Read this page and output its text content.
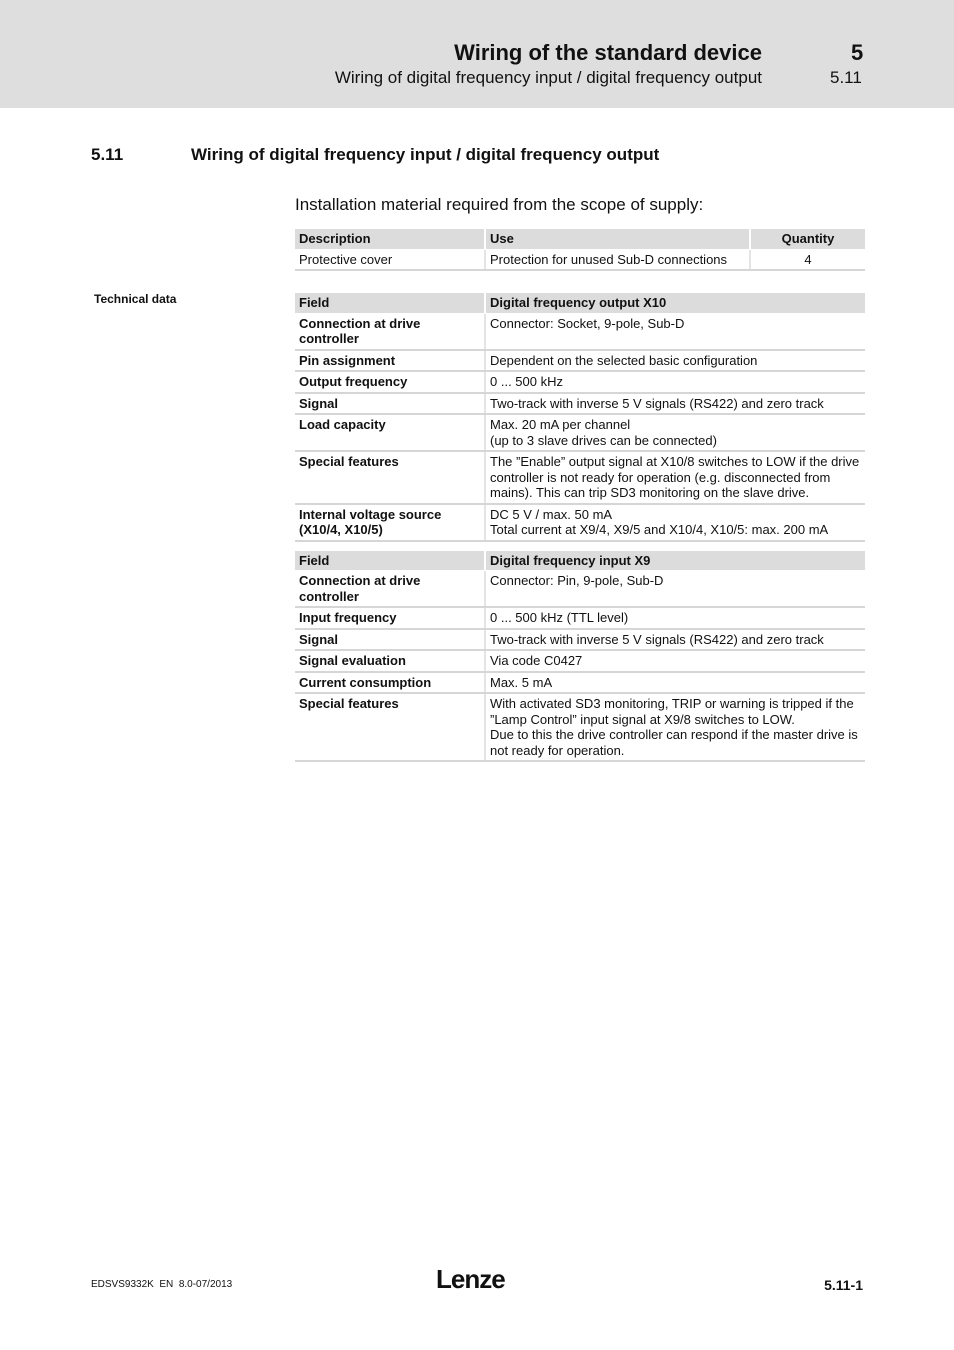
Wiring of the standard device	5
Wiring of digital frequency input / digital frequency output	5.11
5.11	Wiring of digital frequency input / digital frequency output
Installation material required from the scope of supply:
Technical data
Description	Use	Quantity
Protective cover	Protection for unused Sub-D connections	4
Field	Digital frequency output X10
Connection at drive controller	Connector: Socket, 9-pole, Sub-D
Pin assignment	Dependent on the selected basic configuration
Output frequency	0 ... 500 kHz
Signal	Two-track with inverse 5 V signals (RS422) and zero track
Load capacity	Max. 20 mA per channel
(up to 3 slave drives can be connected)
Special features	The ”Enable” output signal at X10/8 switches to LOW if the drive controller is not ready for operation (e.g. disconnected from mains). This can trip SD3 monitoring on the slave drive.
Internal voltage source
(X10/4, X10/5)	DC 5 V / max. 50 mA
Total current at X9/4, X9/5 and X10/4, X10/5: max. 200 mA
Field	Digital frequency input X9
Connection at drive controller	Connector: Pin, 9-pole, Sub-D
Input frequency	0 ... 500 kHz (TTL level)
Signal	Two-track with inverse 5 V signals (RS422) and zero track
Signal evaluation	Via code C0427
Current consumption	Max. 5 mA
Special features	With activated SD3 monitoring, TRIP or warning is tripped if the ”Lamp Control” input signal at X9/8 switches to LOW.
Due to this the drive controller can respond if the master drive is not ready for operation.
EDSVS9332K  EN  8.0-07/2013	Lenze	5.11-1
